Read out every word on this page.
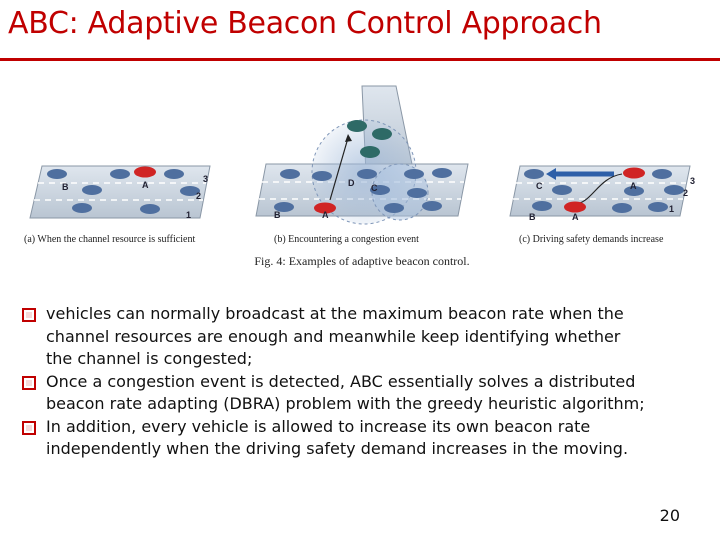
ABC: Adaptive Beacon Control Approach
B	A
3
2
1
D C
B	A
C	A
B	A
3
2
1
(a) When the channel resource is sufficient	(b) Encountering a congestion event	(c) Driving safety demands increase
Fig. 4: Examples of adaptive beacon control.
vehicles can normally broadcast at the maximum beacon rate when the
channel resources are enough and meanwhile keep identifying whether
the channel is congested;
Once a congestion event is detected, ABC essentially solves a distributed
beacon rate adapting (DBRA) problem with the greedy heuristic algorithm;
In addition, every vehicle is allowed to increase its own beacon rate
independently when the driving safety demand increases in the moving.
20
